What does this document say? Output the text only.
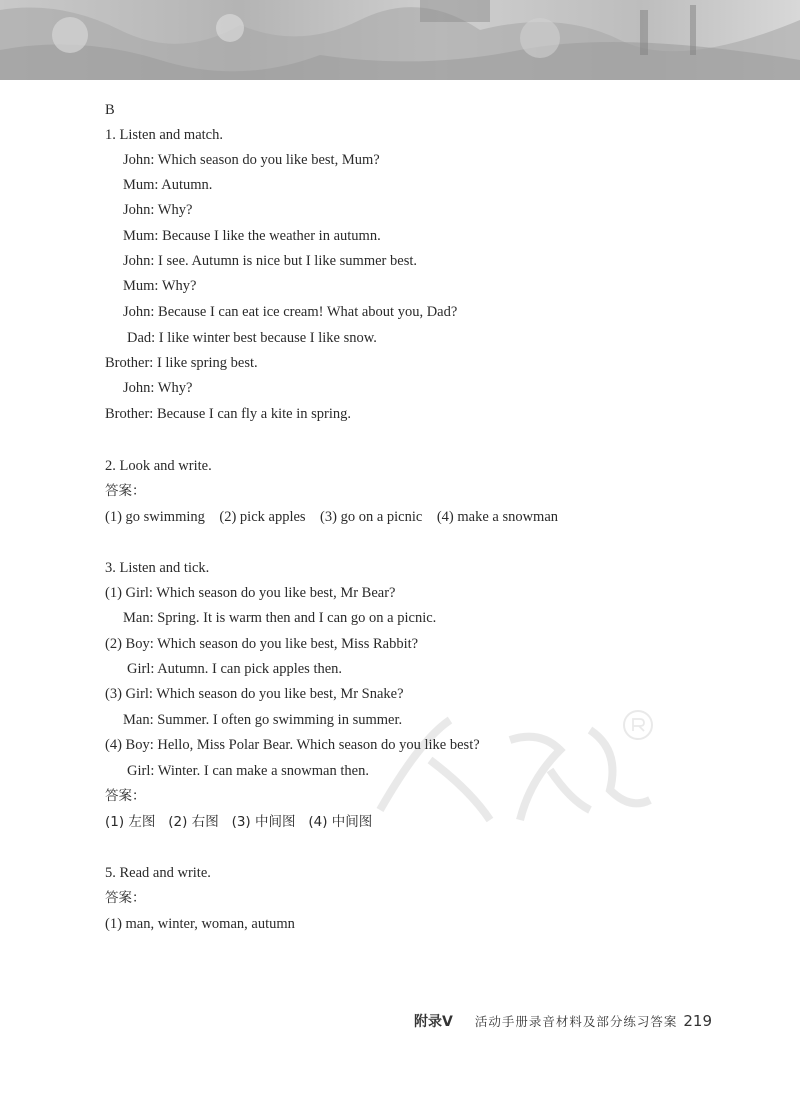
B
1. Listen and match.
John: Which season do you like best, Mum?
Mum: Autumn.
John: Why?
Mum: Because I like the weather in autumn.
John: I see. Autumn is nice but I like summer best.
Mum: Why?
John: Because I can eat ice cream! What about you, Dad?
Dad: I like winter best because I like snow.
Brother: I like spring best.
John: Why?
Brother: Because I can fly a kite in spring.
2. Look and write.
答案：
(1) go swimming    (2) pick apples    (3) go on a picnic    (4) make a snowman
3. Listen and tick.
(1) Girl: Which season do you like best, Mr Bear?
Man: Spring. It is warm then and I can go on a picnic.
(2) Boy: Which season do you like best, Miss Rabbit?
Girl: Autumn. I can pick apples then.
(3) Girl: Which season do you like best, Mr Snake?
Man: Summer. I often go swimming in summer.
(4) Boy: Hello, Miss Polar Bear. Which season do you like best?
Girl: Winter. I can make a snowman then.
答案：
(1) 左图   (2) 右图   (3) 中间图   (4) 中间图
5. Read and write.
答案：
(1) man, winter, woman, autumn
附录V 活动手册录音材料及部分练习答案 219
